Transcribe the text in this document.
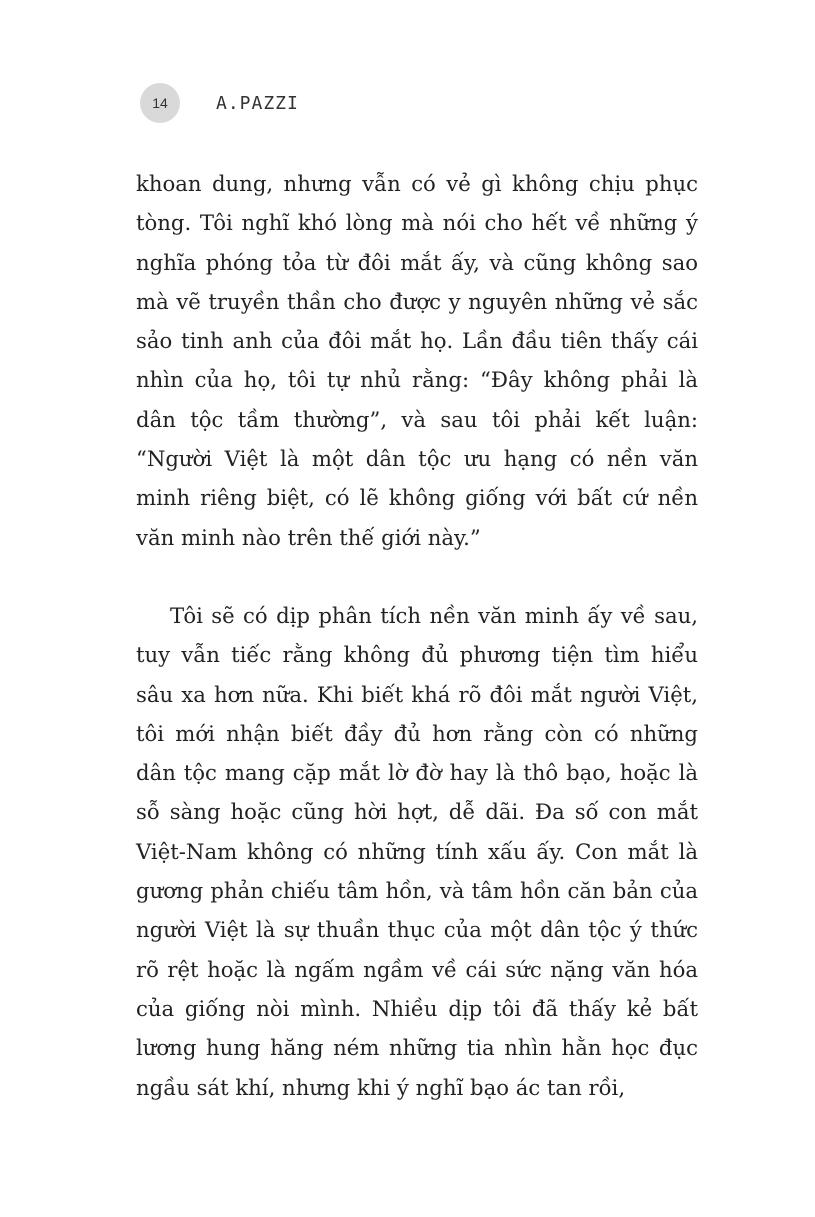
14	A.PAZZI

khoan dung, nhưng vẫn có vẻ gì không chịu phục tòng. Tôi nghĩ khó lòng mà nói cho hết về những ý nghĩa phóng tỏa từ đôi mắt ấy, và cũng không sao mà vẽ truyền thần cho được y nguyên những vẻ sắc sảo tinh anh của đôi mắt họ. Lần đầu tiên thấy cái nhìn của họ, tôi tự nhủ rằng: “Đây không phải là dân tộc tầm thường”, và sau tôi phải kết luận: “Người Việt là một dân tộc ưu hạng có nền văn minh riêng biệt, có lẽ không giống với bất cứ nền văn minh nào trên thế giới này.”

Tôi sẽ có dịp phân tích nền văn minh ấy về sau, tuy vẫn tiếc rằng không đủ phương tiện tìm hiểu sâu xa hơn nữa. Khi biết khá rõ đôi mắt người Việt, tôi mới nhận biết đầy đủ hơn rằng còn có những dân tộc mang cặp mắt lờ đờ hay là thô bạo, hoặc là sỗ sàng hoặc cũng hời hợt, dễ dãi. Đa số con mắt Việt-Nam không có những tính xấu ấy. Con mắt là gương phản chiếu tâm hồn, và tâm hồn căn bản của người Việt là sự thuần thục của một dân tộc ý thức rõ rệt hoặc là ngấm ngầm về cái sức nặng văn hóa của giống nòi mình. Nhiều dịp tôi đã thấy kẻ bất lương hung hăng ném những tia nhìn hằn học đục ngầu sát khí, nhưng khi ý nghĩ bạo ác tan rồi,
